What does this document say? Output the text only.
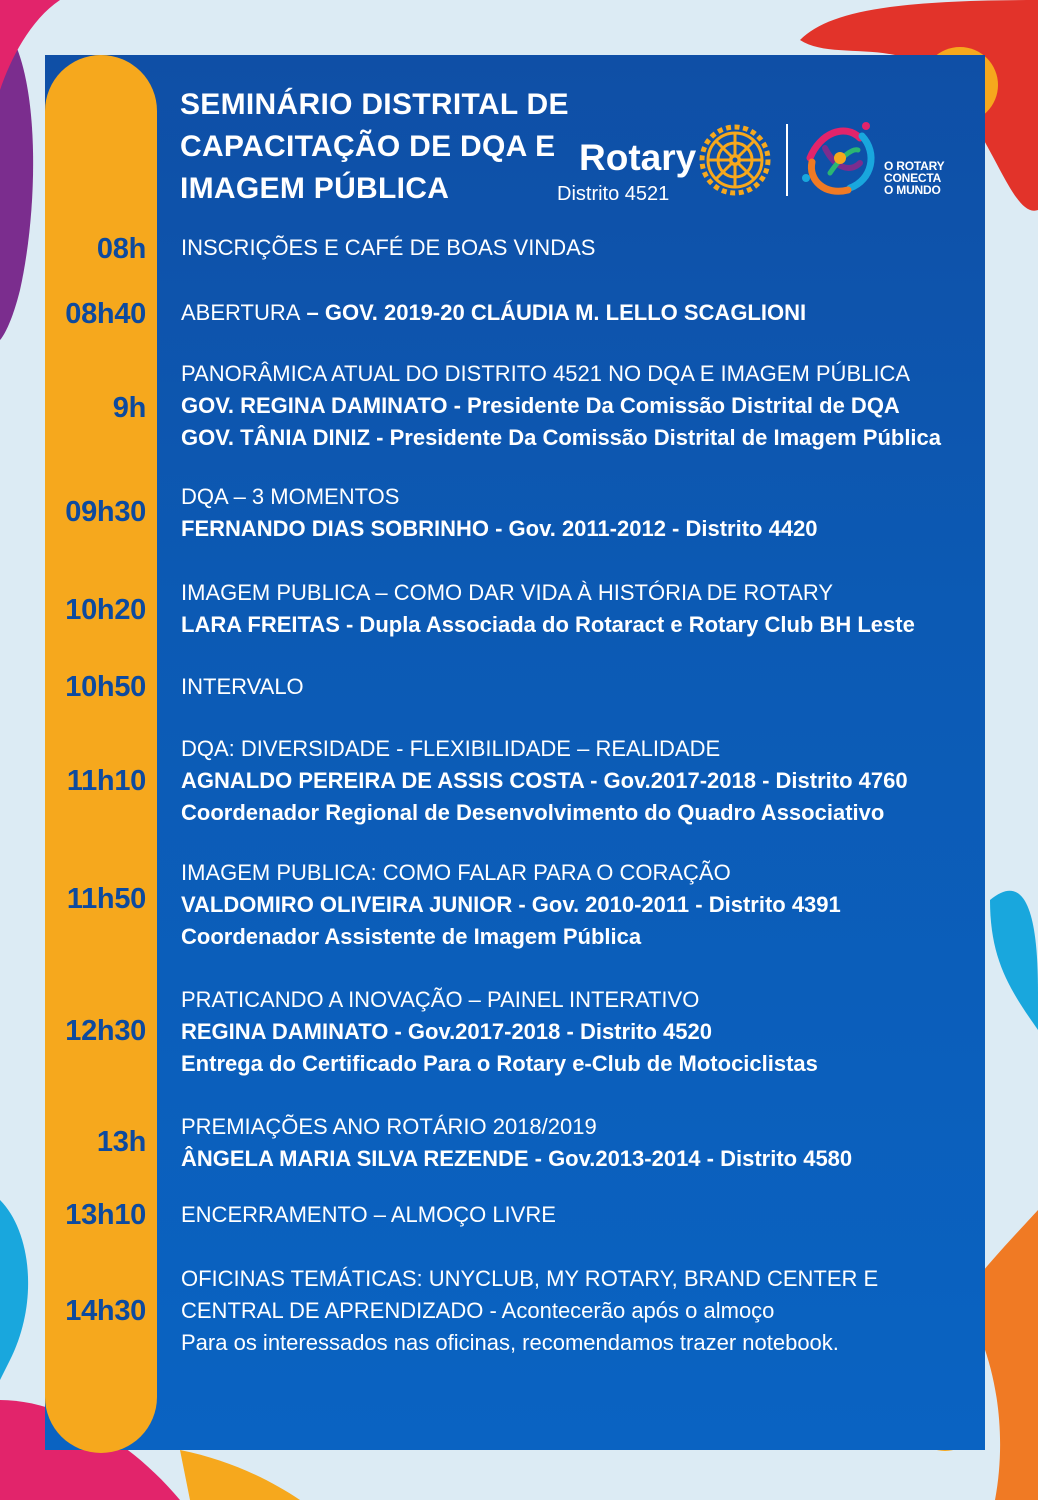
SEMINÁRIO DISTRITAL DE
CAPACITAÇÃO DE DQA E
IMAGEM PÚBLICA
Rotary
Distrito 4521
O ROTARY
CONECTA
O MUNDO
08h INSCRIÇÕES E CAFÉ DE BOAS VINDAS
08h40 ABERTURA – GOV. 2019-20 CLÁUDIA M. LELLO SCAGLIONI
9h
PANORÂMICA ATUAL DO DISTRITO 4521 NO DQA E IMAGEM PÚBLICA
GOV. REGINA DAMINATO - Presidente Da Comissão Distrital de DQA
GOV. TÂNIA DINIZ - Presidente Da Comissão Distrital de Imagem Pública
09h30 DQA – 3 MOMENTOS
FERNANDO DIAS SOBRINHO - Gov. 2011-2012 - Distrito 4420
10h20
IMAGEM PUBLICA – COMO DAR VIDA À HISTÓRIA DE ROTARY
LARA FREITAS - Dupla Associada do Rotaract e Rotary Club BH Leste
10h50 INTERVALO
11h10
DQA: DIVERSIDADE - FLEXIBILIDADE – REALIDADE
AGNALDO PEREIRA DE ASSIS COSTA - Gov.2017-2018 - Distrito 4760
Coordenador Regional de Desenvolvimento do Quadro Associativo
11h50
IMAGEM PUBLICA: COMO FALAR PARA O CORAÇÃO
VALDOMIRO OLIVEIRA JUNIOR - Gov. 2010-2011 - Distrito 4391
Coordenador Assistente de Imagem Pública
12h30
PRATICANDO A INOVAÇÃO – PAINEL INTERATIVO
REGINA DAMINATO - Gov.2017-2018 - Distrito 4520
Entrega do Certificado Para o Rotary e-Club de Motociclistas
13h PREMIAÇÕES ANO ROTÁRIO 2018/2019
ÂNGELA MARIA SILVA REZENDE - Gov.2013-2014 - Distrito 4580
13h10 ENCERRAMENTO – ALMOÇO LIVRE
14h30
OFICINAS TEMÁTICAS: UNYCLUB, MY ROTARY, BRAND CENTER E
CENTRAL DE APRENDIZADO - Acontecerão após o almoço
Para os interessados nas oficinas, recomendamos trazer notebook.
